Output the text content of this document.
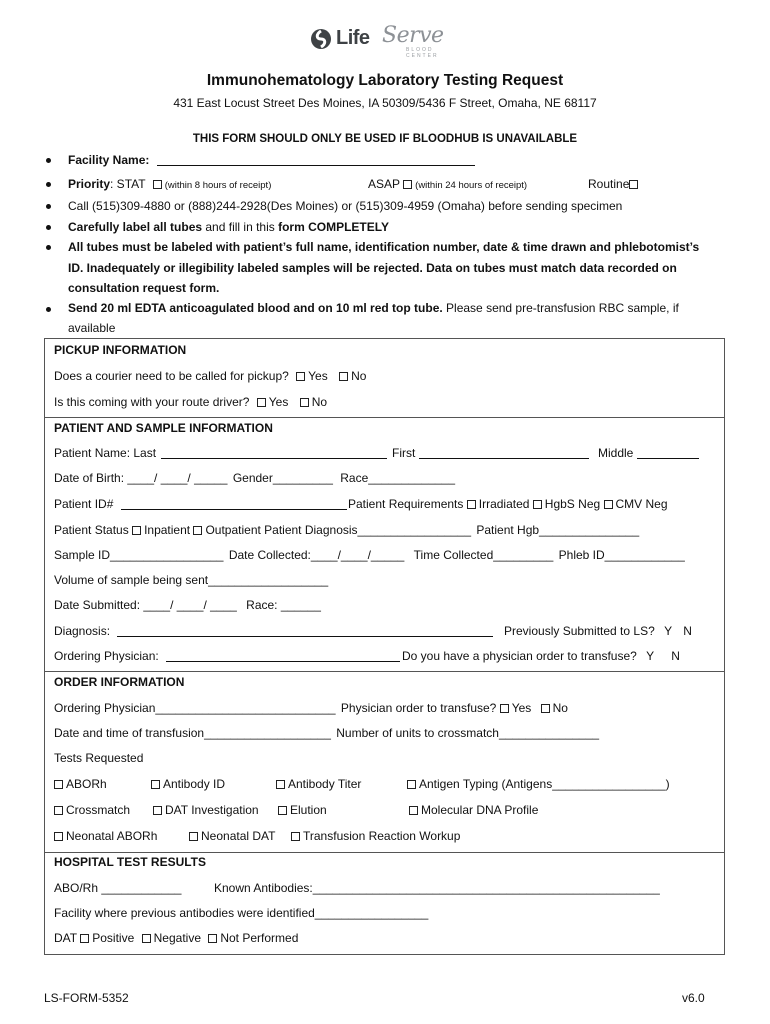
Life Serve
BLOOD CENTER
Immunohematology Laboratory Testing Request
431 East Locust Street Des Moines, IA 50309/5436 F Street, Omaha, NE 68117
THIS FORM SHOULD ONLY BE USED IF BLOODHUB IS UNAVAILABLE
Facility Name:
Priority: STAT (within 8 hours of receipt)	ASAP (within 24 hours of receipt)	Routine
Call (515)309-4880 or (888)244-2928(Des Moines) or (515)309-4959 (Omaha) before sending specimen
Carefully label all tubes and fill in this form COMPLETELY
All tubes must be labeled with patient’s full name, identification number, date & time drawn and phlebotomist’s
ID. Inadequately or illegibility labeled samples will be rejected. Data on tubes must match data recorded on
consultation request form.
Send 20 ml EDTA anticoagulated blood and on 10 ml red top tube. Please send pre-transfusion RBC sample, if
available
PICKUP INFORMATION
Does a courier need to be called for pickup? Yes No
Is this coming with your route driver? Yes No
PATIENT AND SAMPLE INFORMATION
Patient Name: Last	First	Middle
Date of Birth: ____/ ____/ _____ Gender_________ Race_____________
Patient ID#	Patient Requirements Irradiated HgbS Neg CMV Neg
Patient Status Inpatient Outpatient Patient Diagnosis_________________ Patient Hgb_______________
Sample ID_________________ Date Collected:____/____/_____ Time Collected_________ Phleb ID____________
Volume of sample being sent__________________
Date Submitted: ____/ ____/ ____ Race: ______
Diagnosis:	Previously Submitted to LS? Y N
Ordering Physician:	Do you have a physician order to transfuse? Y N
ORDER INFORMATION
Ordering Physician___________________________ Physician order to transfuse? Yes No
Date and time of transfusion___________________ Number of units to crossmatch_______________
Tests Requested
ABORh	Antibody ID	Antibody Titer	Antigen Typing (Antigens_________________)
Crossmatch	DAT Investigation	Elution	Molecular DNA Profile
Neonatal ABORh	Neonatal DAT	Transfusion Reaction Workup
HOSPITAL TEST RESULTS
ABO/Rh ____________	Known Antibodies:____________________________________________________
Facility where previous antibodies were identified_________________
DAT Positive Negative Not Performed
LS-FORM-5352	v6.0
